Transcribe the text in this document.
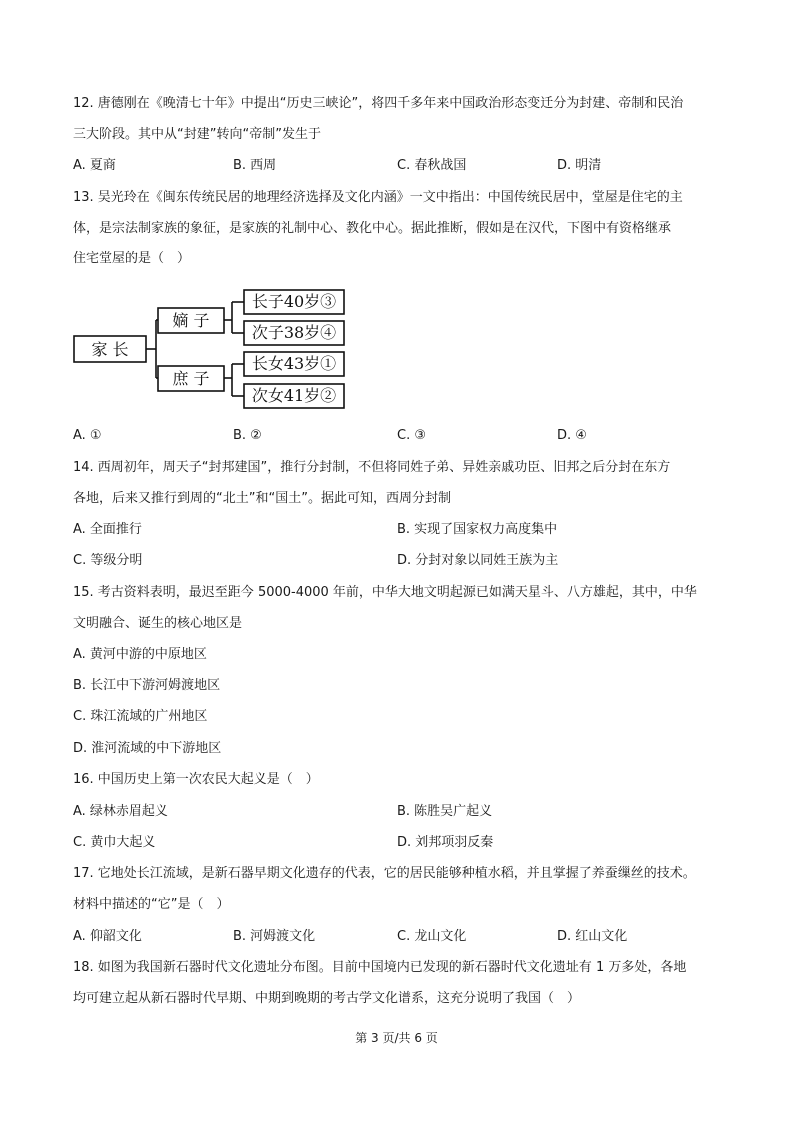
12. 唐德刚在《晚清七十年》中提出“历史三峡论”，将四千多年来中国政治形态变迁分为封建、帝制和民治
三大阶段。其中从“封建”转向“帝制”发生于
A. 夏商	B. 西周	C. 春秋战国	D. 明清
13. 吴光玲在《闽东传统民居的地理经济选择及文化内涵》一文中指出：中国传统民居中，堂屋是住宅的主
体，是宗法制家族的象征，是家族的礼制中心、教化中心。据此推断，假如是在汉代，下图中有资格继承
住宅堂屋的是（　）
家 长
嫡 子
庶 子
长子40岁③
次子38岁④
长女43岁①
次女41岁②
A. ①	B. ②	C. ③	D. ④
14. 西周初年，周天子“封邦建国”，推行分封制，不但将同姓子弟、异姓亲戚功臣、旧邦之后分封在东方
各地，后来又推行到周的“北土”和“国土”。据此可知，西周分封制
A. 全面推行	B. 实现了国家权力高度集中
C. 等级分明	D. 分封对象以同姓王族为主
15. 考古资料表明，最迟至距今 5000-4000 年前，中华大地文明起源已如满天星斗、八方雄起，其中，中华
文明融合、诞生的核心地区是
A. 黄河中游的中原地区
B. 长江中下游河姆渡地区
C. 珠江流域的广州地区
D. 淮河流域的中下游地区
16. 中国历史上第一次农民大起义是（　）
A. 绿林赤眉起义	B. 陈胜吴广起义
C. 黄巾大起义	D. 刘邦项羽反秦
17. 它地处长江流域，是新石器早期文化遗存的代表，它的居民能够种植水稻，并且掌握了养蚕缫丝的技术。
材料中描述的“它”是（　）
A. 仰韶文化	B. 河姆渡文化	C. 龙山文化	D. 红山文化
18. 如图为我国新石器时代文化遗址分布图。目前中国境内已发现的新石器时代文化遗址有 1 万多处，各地
均可建立起从新石器时代早期、中期到晚期的考古学文化谱系，这充分说明了我国（　）
第 3 页/共 6 页
